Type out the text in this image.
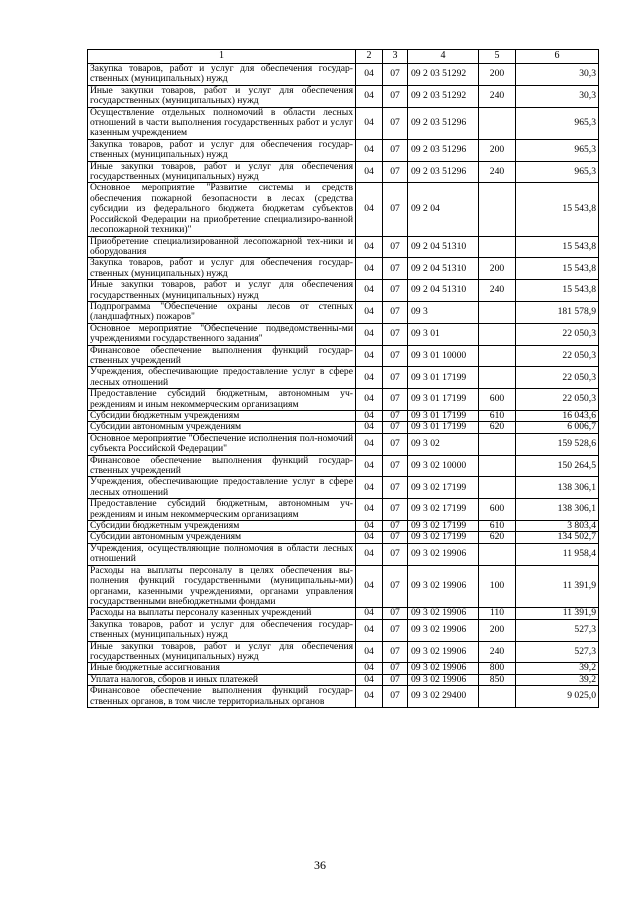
1	2	3	4	5	6
Закупка товаров, работ и услуг для обеспечения государ-ственных (муниципальных) нужд	04	07	09 2 03 51292	200	30,3
Иные закупки товаров, работ и услуг для обеспечения государственных (муниципальных) нужд	04	07	09 2 03 51292	240	30,3
Осуществление отдельных полномочий в области лесных отношений в части выполнения государственных работ и услуг казенным учреждением	04	07	09 2 03 51296		965,3
Закупка товаров, работ и услуг для обеспечения государ-ственных (муниципальных) нужд	04	07	09 2 03 51296	200	965,3
Иные закупки товаров, работ и услуг для обеспечения государственных (муниципальных) нужд	04	07	09 2 03 51296	240	965,3
Основное мероприятие "Развитие системы и средств обеспечения пожарной безопасности в лесах (средства субсидии из федерального бюджета бюджетам субъектов Российской Федерации на приобретение специализиро-ванной лесопожарной техники)"	04	07	09 2 04		15 543,8
Приобретение специализированной лесопожарной тех-ники и оборудования	04	07	09 2 04 51310		15 543,8
Закупка товаров, работ и услуг для обеспечения государ-ственных (муниципальных) нужд	04	07	09 2 04 51310	200	15 543,8
Иные закупки товаров, работ и услуг для обеспечения государственных (муниципальных) нужд	04	07	09 2 04 51310	240	15 543,8
Подпрограмма "Обеспечение охраны лесов от степных (ландшафтных) пожаров"	04	07	09 3		181 578,9
Основное мероприятие "Обеспечение подведомственны-ми учреждениями государственного задания"	04	07	09 3 01		22 050,3
Финансовое обеспечение выполнения функций государ-ственных учреждений	04	07	09 3 01 10000		22 050,3
Учреждения, обеспечивающие предоставление услуг в сфере лесных отношений	04	07	09 3 01 17199		22 050,3
Предоставление субсидий бюджетным, автономным уч-реждениям и иным некоммерческим организациям	04	07	09 3 01 17199	600	22 050,3
Субсидии бюджетным учреждениям	04	07	09 3 01 17199	610	16 043,6
Субсидии автономным учреждениям	04	07	09 3 01 17199	620	6 006,7
Основное мероприятие "Обеспечение исполнения пол-номочий субъекта Российской Федерации"	04	07	09 3 02		159 528,6
Финансовое обеспечение выполнения функций государ-ственных учреждений	04	07	09 3 02 10000		150 264,5
Учреждения, обеспечивающие предоставление услуг в сфере лесных отношений	04	07	09 3 02 17199		138 306,1
Предоставление субсидий бюджетным, автономным уч-реждениям и иным некоммерческим организациям	04	07	09 3 02 17199	600	138 306,1
Субсидии бюджетным учреждениям	04	07	09 3 02 17199	610	3 803,4
Субсидии автономным учреждениям	04	07	09 3 02 17199	620	134 502,7
Учреждения, осуществляющие полномочия в области лесных отношений	04	07	09 3 02 19906		11 958,4
Расходы на выплаты персоналу в целях обеспечения вы-полнения функций государственными (муниципальны-ми) органами, казенными учреждениями, органами управления государственными внебюджетными фондами	04	07	09 3 02 19906	100	11 391,9
Расходы на выплаты персоналу казенных учреждений	04	07	09 3 02 19906	110	11 391,9
Закупка товаров, работ и услуг для обеспечения государ-ственных (муниципальных) нужд	04	07	09 3 02 19906	200	527,3
Иные закупки товаров, работ и услуг для обеспечения государственных (муниципальных) нужд	04	07	09 3 02 19906	240	527,3
Иные бюджетные ассигнования	04	07	09 3 02 19906	800	39,2
Уплата налогов, сборов и иных платежей	04	07	09 3 02 19906	850	39,2
Финансовое обеспечение выполнения функций государ-ственных органов, в том числе территориальных органов	04	07	09 3 02 29400		9 025,0
36
